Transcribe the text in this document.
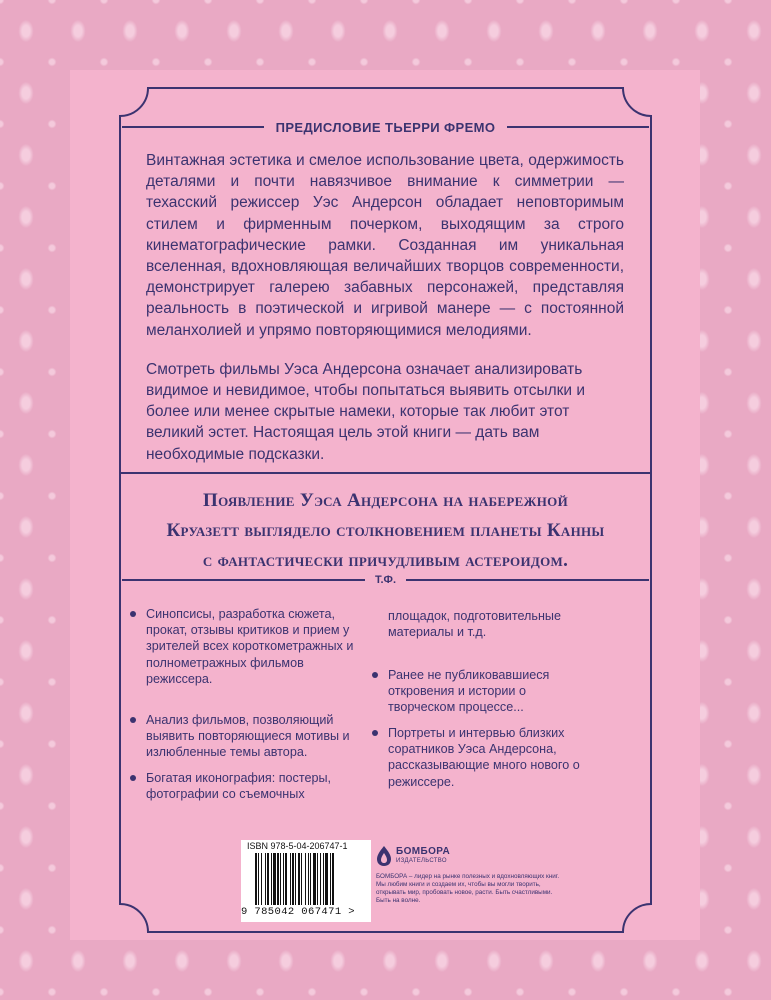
ПРЕДИСЛОВИЕ ТЬЕРРИ ФРЕМО

Винтажная эстетика и смелое использование цвета, одержимость деталями и почти навязчивое внимание к симметрии — техасский режиссер Уэс Андерсон обладает неповторимым стилем и фирменным почерком, выходящим за строго кинематографические рамки. Созданная им уникальная вселенная, вдохновляющая величайших творцов современности, демонстрирует галерею забавных персонажей, представляя реальность в поэтической и игривой манере — с постоянной меланхолией и упрямо повторяющимися мелодиями.

Смотреть фильмы Уэса Андерсона означает анализировать видимое и невидимое, чтобы попытаться выявить отсылки и более или менее скрытые намеки, которые так любит этот великий эстет. Настоящая цель этой книги — дать вам необходимые подсказки.

Появление Уэса Андерсона на набережной
Круазетт выглядело столкновением планеты Канны
с фантастически причудливым астероидом.
Т.Ф.
Синопсисы, разработка сюжета, прокат, отзывы критиков и прием у зрителей всех короткометражных и полнометражных фильмов режиссера.
Анализ фильмов, позволяющий выявить повторяющиеся мотивы и излюбленные темы автора.
Богатая иконография: постеры, фотографии со съемочных
площадок, подготовительные материалы и т.д.
Ранее не публиковавшиеся откровения и истории о творческом процессе...
Портреты и интервью близких соратников Уэса Андерсона, рассказывающие много нового о режиссере.
ISBN 978-5-04-206747-1
9 785042 067471 >
БОМБОРА
ИЗДАТЕЛЬСТВО
БОМБОРА – лидер на рынке полезных и вдохновляющих книг. Мы любим книги и создаем их, чтобы вы могли творить, открывать мир, пробовать новое, расти. Быть счастливыми. Быть на волне.
